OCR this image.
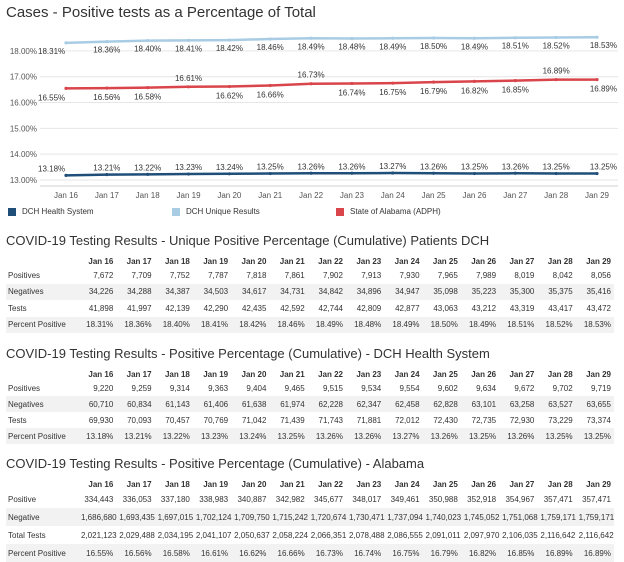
18.00%
17.00%
16.00%
15.00%
14.00%
13.00%
Jan 16 Jan 17 Jan 18 Jan 19 Jan 20 Jan 21 Jan 22 Jan 23 Jan 24 Jan 25 Jan 26 Jan 27 Jan 28 Jan 29
13.18%	13.21% 13.22% 13.23% 13.24% 13.25% 13.26% 13.26% 13.27% 13.26% 13.25% 13.26% 13.25%	13.25%
18.31%	18.36% 18.40% 18.41% 18.42% 18.46% 18.49% 18.48% 18.49% 18.50% 18.49% 18.51% 18.52%	18.53%
16.55%	16.56% 16.58%
16.61%
16.62% 16.66%
16.73%
16.74% 16.75% 16.79% 16.82% 16.85%
16.89%
16.89%
Cases - Positive tests as a Percentage of Total
DCH Health System	DCH Unique Results	State of Alabama (ADPH)
COVID-19 Testing Results - Unique Positive Percentage (Cumulative) Patients DCH
	Jan 16	Jan 17	Jan 18	Jan 19	Jan 20	Jan 21	Jan 22	Jan 23	Jan 24	Jan 25	Jan 26	Jan 27	Jan 28	Jan 29
Positives	7,672	7,709	7,752	7,787	7,818	7,861	7,902	7,913	7,930	7,965	7,989	8,019	8,042	8,056
Negatives	34,226	34,288	34,387	34,503	34,617	34,731	34,842	34,896	34,947	35,098	35,223	35,300	35,375	35,416
Tests	41,898	41,997	42,139	42,290	42,435	42,592	42,744	42,809	42,877	43,063	43,212	43,319	43,417	43,472
Percent Positive	18.31%	18.36%	18.40%	18.41%	18.42%	18.46%	18.49%	18.48%	18.49%	18.50%	18.49%	18.51%	18.52%	18.53%
COVID-19 Testing Results - Positive Percentage (Cumulative) - DCH Health System
	Jan 16	Jan 17	Jan 18	Jan 19	Jan 20	Jan 21	Jan 22	Jan 23	Jan 24	Jan 25	Jan 26	Jan 27	Jan 28	Jan 29
Positives	9,220	9,259	9,314	9,363	9,404	9,465	9,515	9,534	9,554	9,602	9,634	9,672	9,702	9,719
Negatives	60,710	60,834	61,143	61,406	61,638	61,974	62,228	62,347	62,458	62,828	63,101	63,258	63,527	63,655
Tests	69,930	70,093	70,457	70,769	71,042	71,439	71,743	71,881	72,012	72,430	72,735	72,930	73,229	73,374
Percent Positive	13.18%	13.21%	13.22%	13.23%	13.24%	13.25%	13.26%	13.26%	13.27%	13.26%	13.25%	13.26%	13.25%	13.25%
COVID-19 Testing Results - Positive Percentage (Cumulative) - Alabama
	Jan 16	Jan 17	Jan 18	Jan 19	Jan 20	Jan 21	Jan 22	Jan 23	Jan 24	Jan 25	Jan 26	Jan 27	Jan 28	Jan 29
Positive	334,443	336,053	337,180	338,983	340,887	342,982	345,677	348,017	349,461	350,988	352,918	354,967	357,471	357,471
Negative	1,686,680	1,693,435	1,697,015	1,702,124	1,709,750	1,715,242	1,720,674	1,730,471	1,737,094	1,740,023	1,745,052	1,751,068	1,759,171	1,759,171
Total Tests	2,021,123	2,029,488	2,034,195	2,041,107	2,050,637	2,058,224	2,066,351	2,078,488	2,086,555	2,091,011	2,097,970	2,106,035	2,116,642	2,116,642
Percent Positive	16.55%	16.56%	16.58%	16.61%	16.62%	16.66%	16.73%	16.74%	16.75%	16.79%	16.82%	16.85%	16.89%	16.89%
